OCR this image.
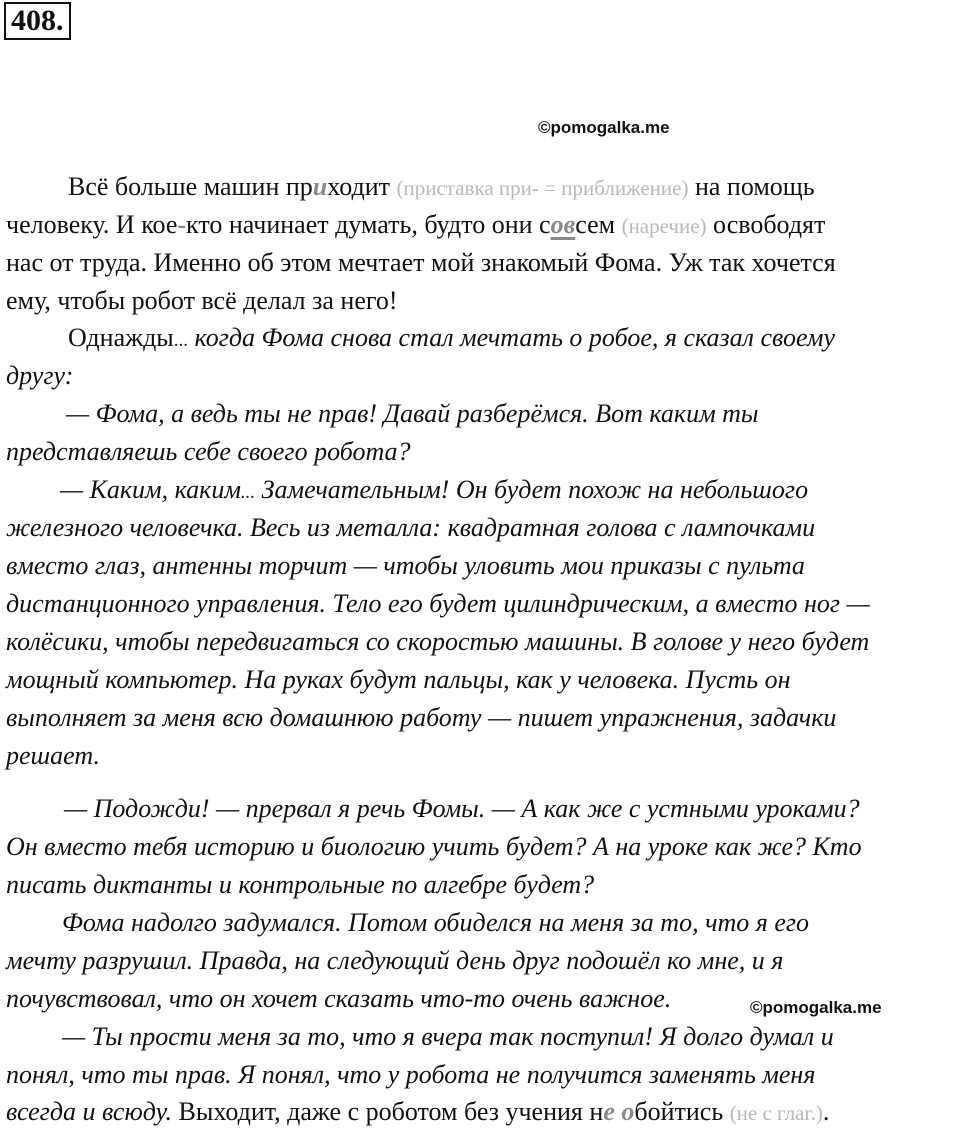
408.
©pomogalka.me
Всё больше машин приходит (приставка при- = приближение) на помощь
человеку. И кое-кто начинает думать, будто они совсем (наречие) освободят
нас от труда. Именно об этом мечтает мой знакомый Фома. Уж так хочется
ему, чтобы робот всё делал за него!
Однажды... когда Фома снова стал мечтать о робое, я сказал своему
другу:
— Фома, а ведь ты не прав! Давай разберёмся. Вот каким ты
представляешь себе своего робота?
— Каким, каким... Замечательным! Он будет похож на небольшого
железного человечка. Весь из металла: квадратная голова с лампочками
вместо глаз, антенны торчит — чтобы уловить мои приказы с пульта
дистанционного управления. Тело его будет цилиндрическим, а вместо ног —
колёсики, чтобы передвигаться со скоростью машины. В голове у него будет
мощный компьютер. На руках будут пальцы, как у человека. Пусть он
выполняет за меня всю домашнюю работу — пишет упражнения, задачки
решает.
— Подожди! — прервал я речь Фомы. — А как же с устными уроками?
Он вместо тебя историю и биологию учить будет? А на уроке как же? Кто
писать диктанты и контрольные по алгебре будет?
Фома надолго задумался. Потом обиделся на меня за то, что я его
мечту разрушил. Правда, на следующий день друг подошёл ко мне, и я
почувствовал, что он хочет сказать что-то очень важное.	©pomogalka.me
— Ты прости меня за то, что я вчера так поступил! Я долго думал и
понял, что ты прав. Я понял, что у робота не получится заменять меня
всегда и всюду. Выходит, даже с роботом без учения не обойтись (не с глаг.).
